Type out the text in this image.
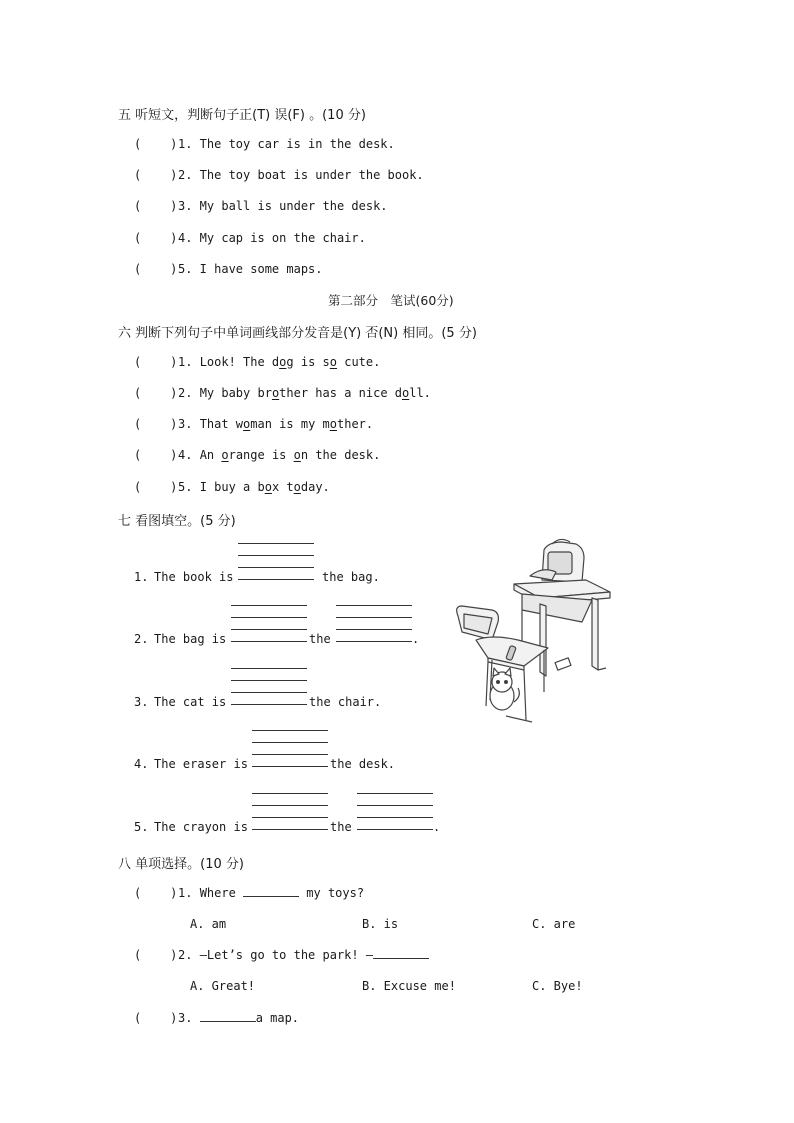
五 听短文，判断句子正(T) 误(F) 。(10 分)
(    )1. The toy car is in the desk.
(    )2. The toy boat is under the book.
(    )3. My ball is under the desk.
(    )4. My cap is on the chair.
(    )5. I have some maps.
第二部分　笔试(60分)
六 判断下列句子中单词画线部分发音是(Y) 否(N) 相同。(5 分)
(    )1. Look! The dog is so cute.
(    )2. My baby brother has a nice doll.
(    )3. That woman is my mother.
(    )4. An orange is on the desk.
(    )5. I buy a box today.
七 看图填空。(5 分)
1. The book is	the bag.
2. The bag is	the	.
3. The cat is	the chair.
4. The eraser is	the desk.
5. The crayon is	the	.
八 单项选择。(10 分)
(    )1. Where	my toys?
A. am	B. is	C. are
(    )2. —Let’s go to the park! —
A. Great!	B. Excuse me!	C. Bye!
(    )3.	a map.
